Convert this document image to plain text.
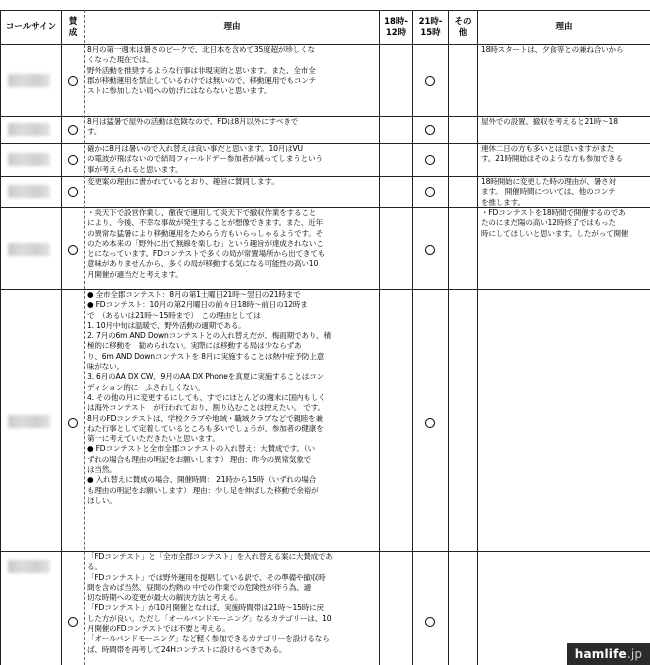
コールサイン
賛
成
理由
18時-
12時
21時-
15時
その
他
理由
8月の第一週末は暑さのピークで、北日本を含めて35度超が珍しくな
くなった現在では、
野外活動を推奨するような行事は非現実的と思います。また、全市全
郡が移動運用を禁止しているわけでは無いので、移動運用でもコンテ
ストに参加したい局への妨げにはならないと思います。
18時スタートは、夕食等との兼ね合いから
8月は猛暑で屋外の活動は危険なので、FDは8月以外にすべきで
す。
屋外での設置、撤収を考えると21時～18
確かに8月は暑いので入れ替えは良い事だと思います。10月はVU
の電波が飛ばないので結局フィールドデー参加者が減ってしまうという
事が考えられると思います。
連休二日の方も多いとは思いますがまた
す。21時開始はそのような方も参加できる
変更案の理由に書かれているとおり、趣旨に賛同します。	18時開始に変更した時の理由が、暑さ対
ます。 開催時間については、他のコンテ
を推します。
・炎天下で設営作業し、徹夜で運用して炎天下で撤収作業をすること
により、今後、不幸な事故が発生することが想像できます。また、近年
の異常な猛暑により移動運用をためらう方もいらっしゃるようです。そ
のため本来の「野外に出て無線を楽しむ」という趣旨が達成されないこ
とになっています。FDコンテストで多くの局が常置場所から出てきても
意味がありませんから、多くの局が移動する気になる可能性の高い10
月開催が適当だと考えます。
・FDコンテストを18時間で開催するのであ
たのにまだ陽の高い12時終了ではもった
時にしてほしいと思います。したがって開催
● 全市全郡コンテスト：8月の第1土曜日21時～翌日の21時まで
● FDコンテスト：10月の第2月曜日の前々日18時～前日の12時ま
で　（あるいは21時～15時まで）　この理由としては
1. 10月中旬は温暖で、野外活動の適期である。
2. 7月の6m AND Downコンテストとの入れ替えだが、梅雨期であり、積
極的に移動を　勧められない。実際には移動する局は少ならずあ
り、6m AND Downコンテストを 8月に実施することは熱中症予防上意
味がない。
3. 6月のAA DX CW、9月のAA DX Phoneを真夏に実施することはコン
ディション的に　ふさわしくない。
4. その他の月に変更するにしても、すでにほとんどの週末に国内もしく
は海外コンテスト　が行われており、割り込むことは控えたい。 です。
8月のFDコンテストは、学校クラブや地域・職域クラブなどで親睦を兼
ねた行事として定着しているところも多いでしょうが、参加者の健康を
第一に考えていただきたいと思います。
● FDコンテストと全市全郡コンテストの入れ替え：大賛成です。（い
ずれの場合も理由の明記をお願いします） 理由：昨今の異常気象で
は当然。
● 入れ替えに賛成の場合、開催時間： 21時から15時（いずれの場合
も理由の明記をお願いします） 理由：少し足を伸ばした移動で余裕が
ほしい。
「FDコンテスト」と「全市全郡コンテスト」を入れ替える案に大賛成であ
る。
「FDコンテスト」では野外運用を提唱している訳で、その準備や撤収時
間を含めば当然、昼間の灼熱の 中での作業での危険性が伴う為、適
切な時期への変更が最大の解決方法と考える。
「FDコンテスト」が10月開催となれば、実施時間帯は21時～15時に戻
した方が良い。ただし「オールバンドモーニング」なるカテゴリーは、10
月開催のFDコンテストでは不要と考える。
「オールバンドモーニング」など軽く参加できるカテゴリーを設けるなら
ば、時間帯を再考して24Hコンテストに設けるべきである。	hamlife .jp
